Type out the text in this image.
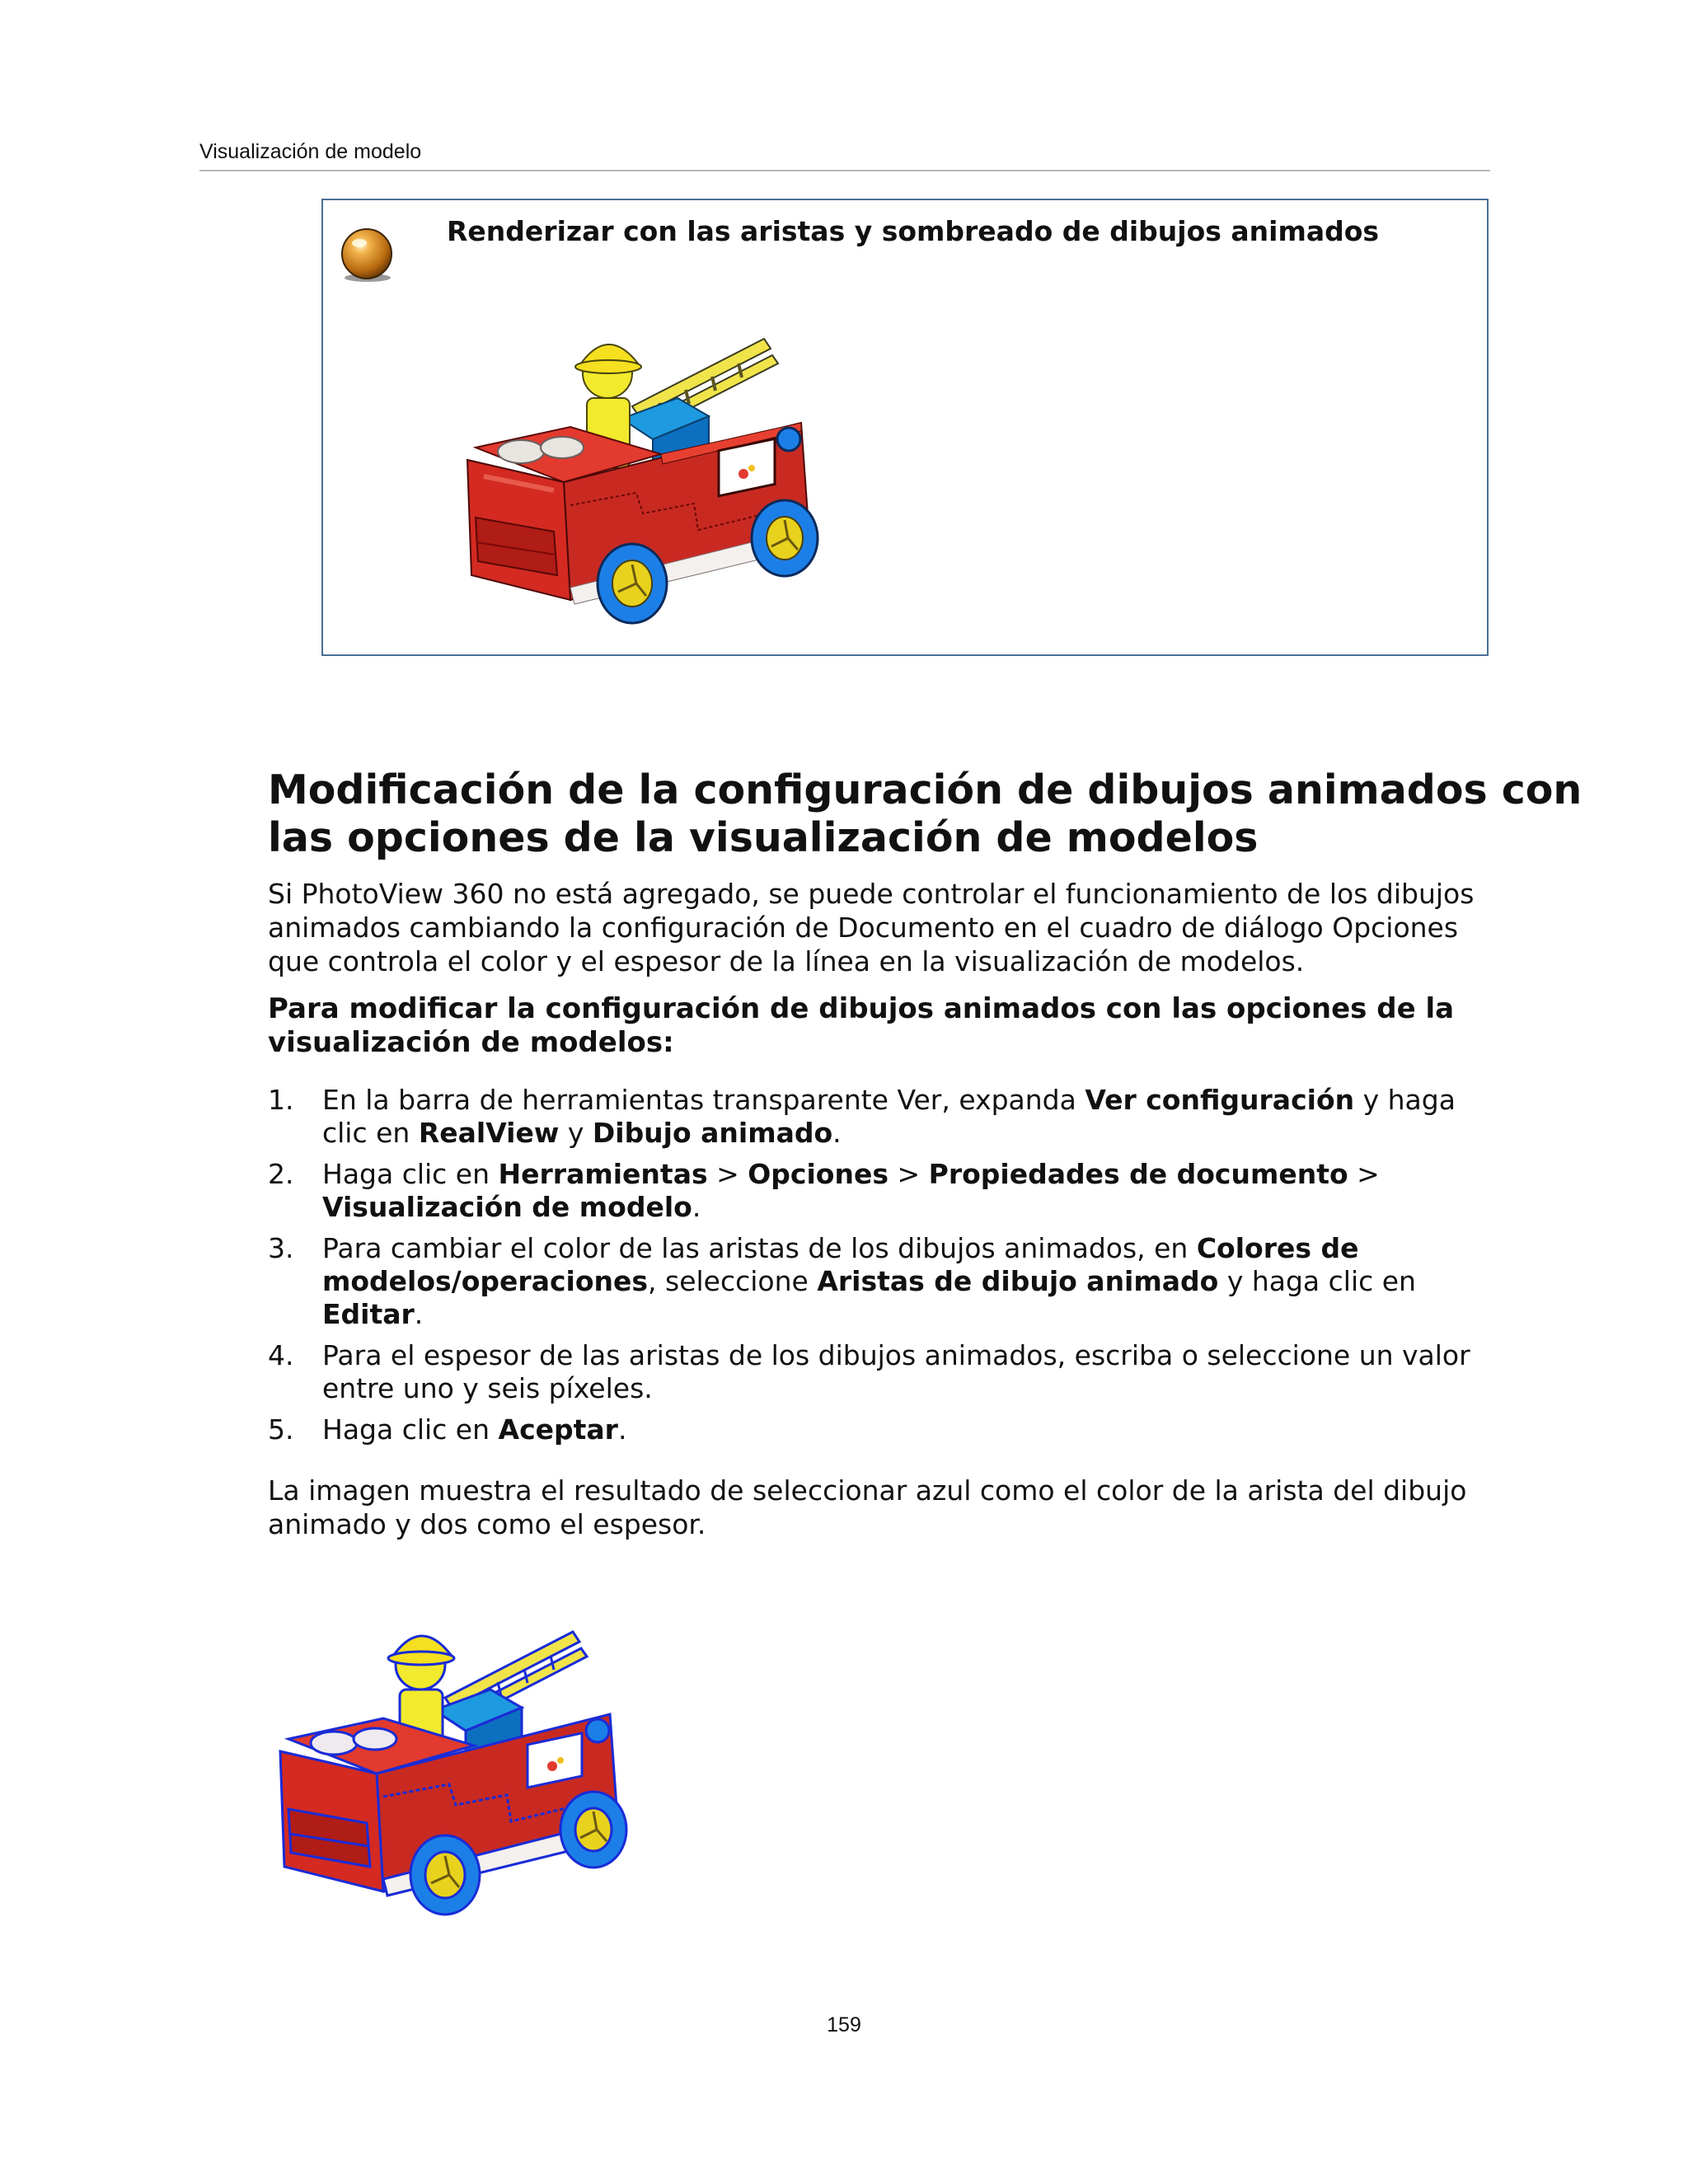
Visualización de modelo
Renderizar con las aristas y sombreado de dibujos animados
Modificación de la configuración de dibujos animados con
las opciones de la visualización de modelos
Si PhotoView 360 no está agregado, se puede controlar el funcionamiento de los dibujos
animados cambiando la configuración de Documento en el cuadro de diálogo Opciones
que controla el color y el espesor de la línea en la visualización de modelos.
Para modificar la configuración de dibujos animados con las opciones de la
visualización de modelos:
1. En la barra de herramientas transparente Ver, expanda Ver configuración y haga
clic en RealView y Dibujo animado.
2. Haga clic en Herramientas > Opciones > Propiedades de documento >
Visualización de modelo.
3. Para cambiar el color de las aristas de los dibujos animados, en Colores de
modelos/operaciones, seleccione Aristas de dibujo animado y haga clic en
Editar.
4. Para el espesor de las aristas de los dibujos animados, escriba o seleccione un valor
entre uno y seis píxeles.
5. Haga clic en Aceptar.
La imagen muestra el resultado de seleccionar azul como el color de la arista del dibujo
animado y dos como el espesor.
159
